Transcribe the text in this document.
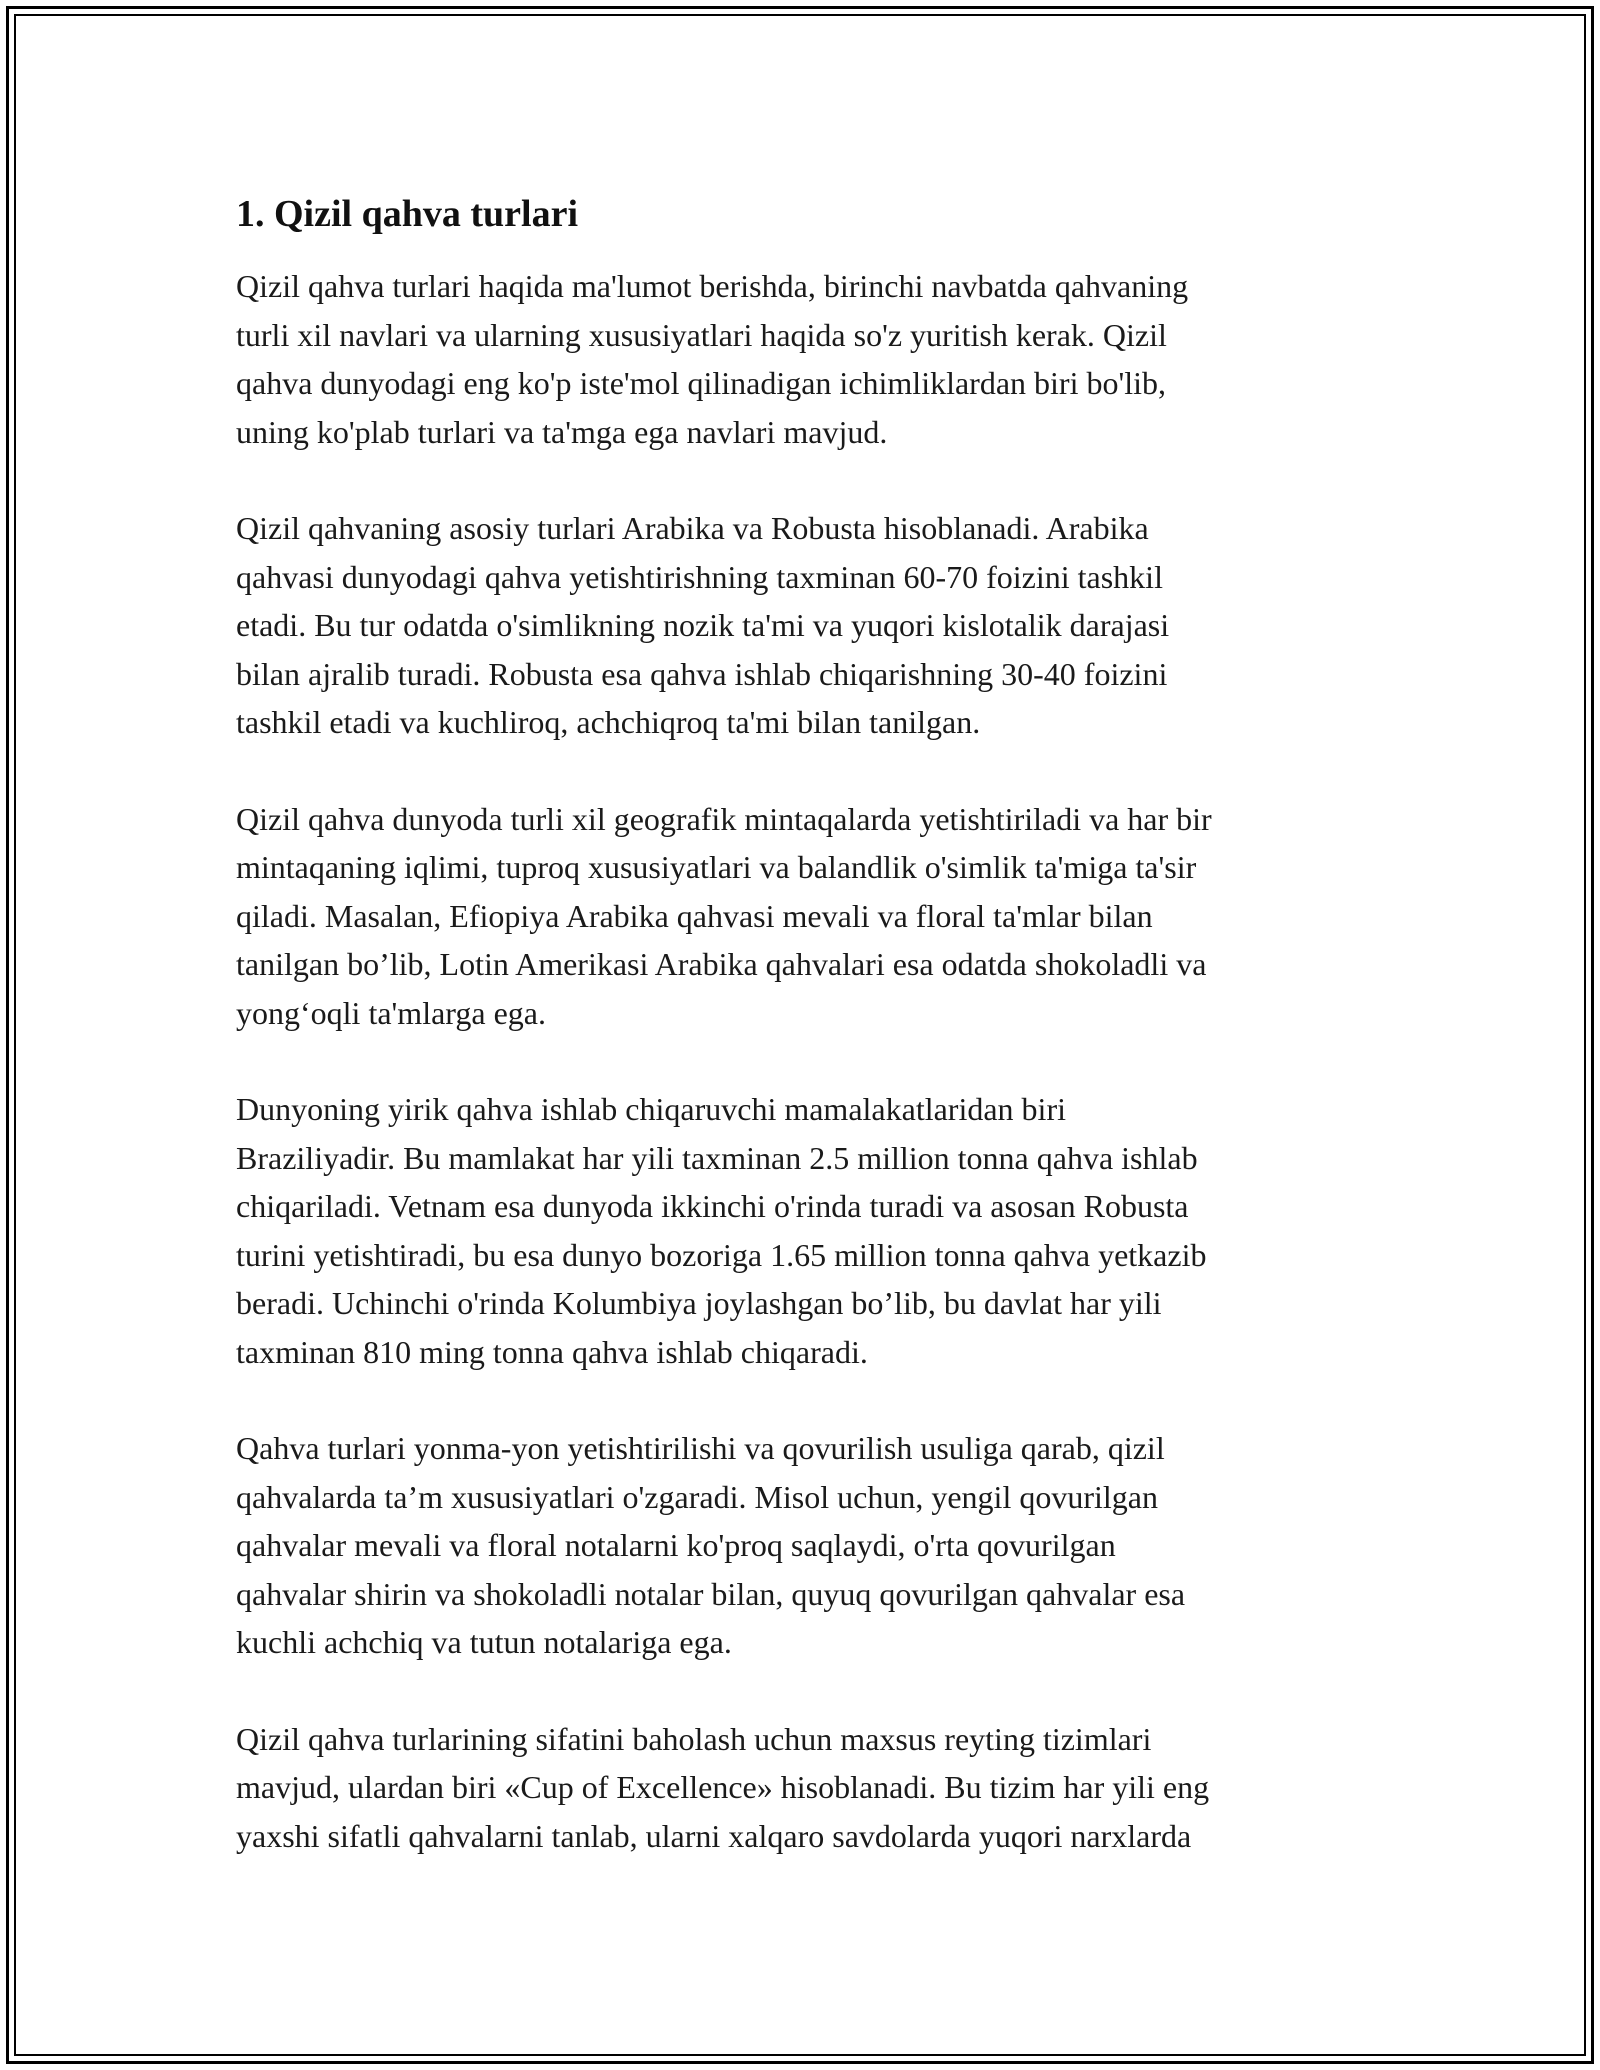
1. Qizil qahva turlari

Qizil qahva turlari haqida ma'lumot berishda, birinchi navbatda qahvaning
turli xil navlari va ularning xususiyatlari haqida so'z yuritish kerak. Qizil
qahva dunyodagi eng ko'p iste'mol qilinadigan ichimliklardan biri bo'lib,
uning ko'plab turlari va ta'mga ega navlari mavjud.

Qizil qahvaning asosiy turlari Arabika va Robusta hisoblanadi. Arabika
qahvasi dunyodagi qahva yetishtirishning taxminan 60-70 foizini tashkil
etadi. Bu tur odatda o'simlikning nozik ta'mi va yuqori kislotalik darajasi
bilan ajralib turadi. Robusta esa qahva ishlab chiqarishning 30-40 foizini
tashkil etadi va kuchliroq, achchiqroq ta'mi bilan tanilgan.

Qizil qahva dunyoda turli xil geografik mintaqalarda yetishtiriladi va har bir
mintaqaning iqlimi, tuproq xususiyatlari va balandlik o'simlik ta'miga ta'sir
qiladi. Masalan, Efiopiya Arabika qahvasi mevali va floral ta'mlar bilan
tanilgan bo’lib, Lotin Amerikasi Arabika qahvalari esa odatda shokoladli va
yong‘oqli ta'mlarga ega.

Dunyoning yirik qahva ishlab chiqaruvchi mamalakatlaridan biri
Braziliyadir. Bu mamlakat har yili taxminan 2.5 million tonna qahva ishlab
chiqariladi. Vetnam esa dunyoda ikkinchi o'rinda turadi va asosan Robusta
turini yetishtiradi, bu esa dunyo bozoriga 1.65 million tonna qahva yetkazib
beradi. Uchinchi o'rinda Kolumbiya joylashgan bo’lib, bu davlat har yili
taxminan 810 ming tonna qahva ishlab chiqaradi.

Qahva turlari yonma-yon yetishtirilishi va qovurilish usuliga qarab, qizil
qahvalarda ta’m xususiyatlari o'zgaradi. Misol uchun, yengil qovurilgan
qahvalar mevali va floral notalarni ko'proq saqlaydi, o'rta qovurilgan
qahvalar shirin va shokoladli notalar bilan, quyuq qovurilgan qahvalar esa
kuchli achchiq va tutun notalariga ega.

Qizil qahva turlarining sifatini baholash uchun maxsus reyting tizimlari
mavjud, ulardan biri «Cup of Excellence» hisoblanadi. Bu tizim har yili eng
yaxshi sifatli qahvalarni tanlab, ularni xalqaro savdolarda yuqori narxlarda
